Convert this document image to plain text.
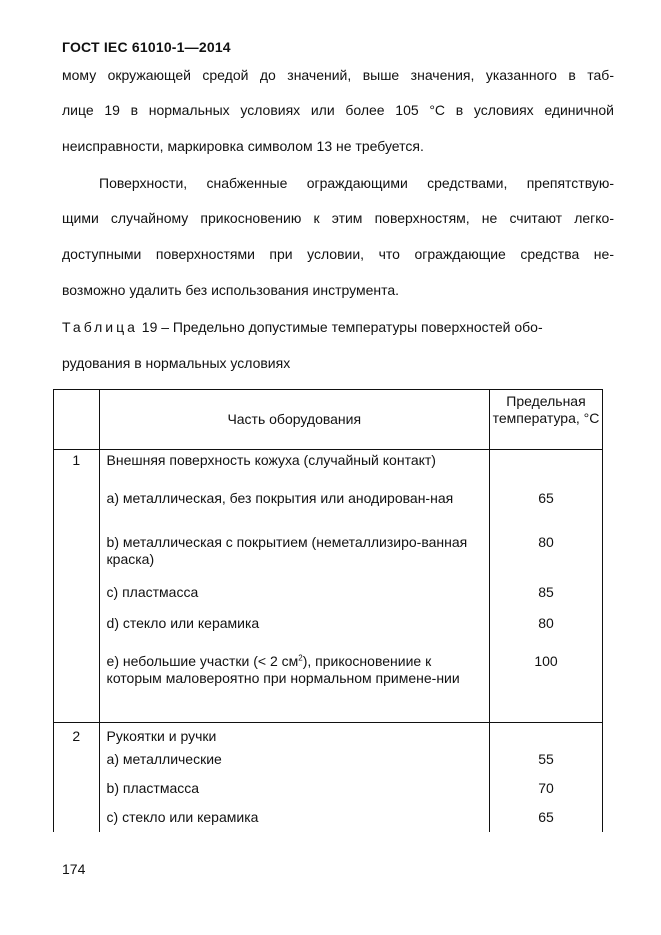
ГОСТ IEC 61010-1—2014
мому окружающей средой до значений, выше значения, указанного в таб-
лице 19 в нормальных условиях или более 105 °С в условиях единичной
неисправности, маркировка символом 13 не требуется.
Поверхности, снабженные ограждающими средствами, препятствую-
щими случайному прикосновению к этим поверхностям, не считают легко-
доступными поверхностями при условии, что ограждающие средства не-
возможно удалить без использования инструмента.
Таблица 19 – Предельно допустимые температуры поверхностей обо-
рудования в нормальных условиях
	Часть оборудования	Предельная температура, °С
1	Внешняя поверхность кожуха (случайный контакт)	
	a) металлическая, без покрытия или анодирован-ная	65
	b) металлическая с покрытием (неметаллизиро-ванная краска)	80
	c) пластмасса	85
	d) стекло или керамика	80
	e) небольшие участки (< 2 $см^2$), прикосновениие к которым маловероятно при нормальном примене-нии	100
2	Рукоятки и ручки	
	a) металлические	55
	b) пластмасса	70
	c) стекло или керамика	65
174
